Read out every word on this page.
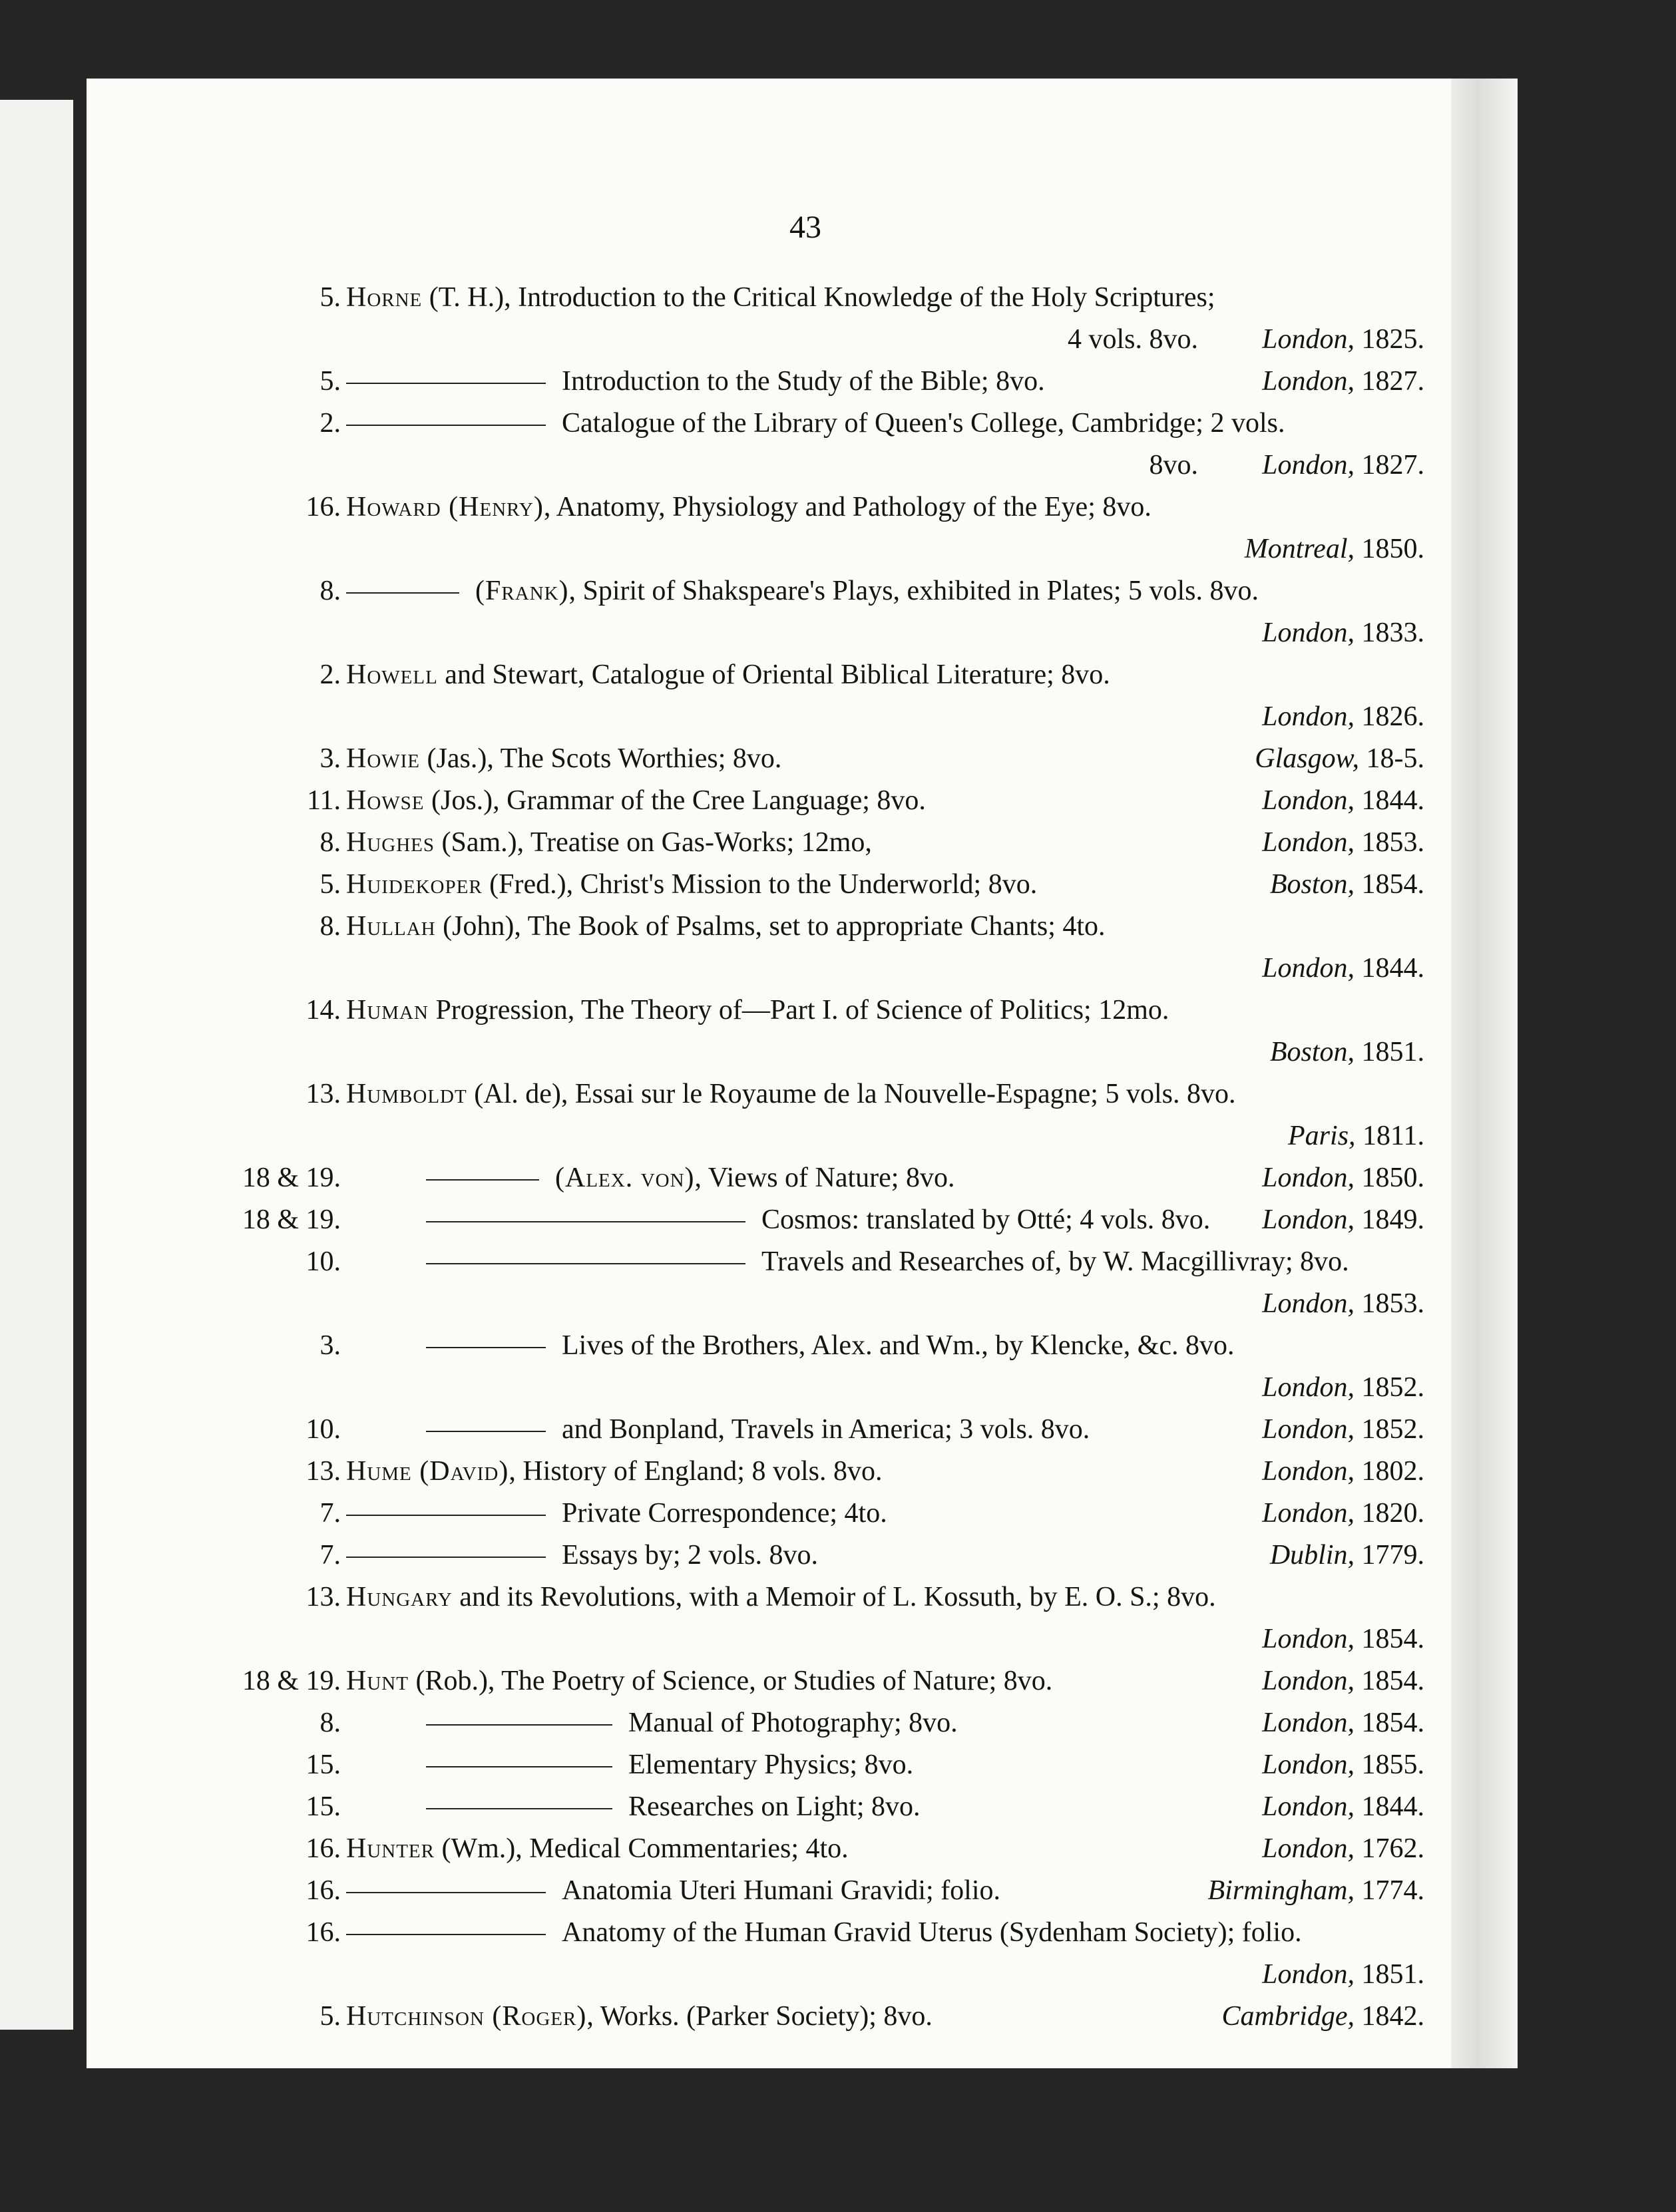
43
5. Horne (T. H.), Introduction to the Critical Knowledge of the Holy Scriptures;
4 vols. 8vo. London, 1825.
5.	Introduction to the Study of the Bible; 8vo.	London, 1827.
2.	Catalogue of the Library of Queen's College, Cambridge; 2 vols.
8vo. London, 1827.
16. Howard (Henry), Anatomy, Physiology and Pathology of the Eye; 8vo.
Montreal, 1850.
8.	(Frank), Spirit of Shakspeare's Plays, exhibited in Plates; 5 vols. 8vo.
London, 1833.
2. Howell and Stewart, Catalogue of Oriental Biblical Literature; 8vo.
London, 1826.
3. Howie (Jas.), The Scots Worthies; 8vo.	Glasgow, 18-5.
11. Howse (Jos.), Grammar of the Cree Language; 8vo.	London, 1844.
8. Hughes (Sam.), Treatise on Gas-Works; 12mo,	London, 1853.
5. Huidekoper (Fred.), Christ's Mission to the Underworld; 8vo.	Boston, 1854.
8. Hullah (John), The Book of Psalms, set to appropriate Chants; 4to.
London, 1844.
14. Human Progression, The Theory of—Part I. of Science of Politics; 12mo.
Boston, 1851.
13. Humboldt (Al. de), Essai sur le Royaume de la Nouvelle-Espagne; 5 vols. 8vo.
Paris, 1811.
18 & 19.	(Alex. von), Views of Nature; 8vo.	London, 1850.
18 & 19.	Cosmos: translated by Otté; 4 vols. 8vo.	London, 1849.
10.	Travels and Researches of, by W. Macgillivray; 8vo.
London, 1853.
3.	Lives of the Brothers, Alex. and Wm., by Klencke, &c. 8vo.
London, 1852.
10.	and Bonpland, Travels in America; 3 vols. 8vo.	London, 1852.
13. Hume (David), History of England; 8 vols. 8vo.	London, 1802.
7.	Private Correspondence; 4to.	London, 1820.
7.	Essays by; 2 vols. 8vo.	Dublin, 1779.
13. Hungary and its Revolutions, with a Memoir of L. Kossuth, by E. O. S.; 8vo.
London, 1854.
18 & 19. Hunt (Rob.), The Poetry of Science, or Studies of Nature; 8vo.	London, 1854.
8.	Manual of Photography; 8vo.	London, 1854.
15.	Elementary Physics; 8vo.	London, 1855.
15.	Researches on Light; 8vo.	London, 1844.
16. Hunter (Wm.), Medical Commentaries; 4to.	London, 1762.
16.	Anatomia Uteri Humani Gravidi; folio.	Birmingham, 1774.
16.	Anatomy of the Human Gravid Uterus (Sydenham Society); folio.
London, 1851.
5. Hutchinson (Roger), Works. (Parker Society); 8vo.	Cambridge, 1842.
